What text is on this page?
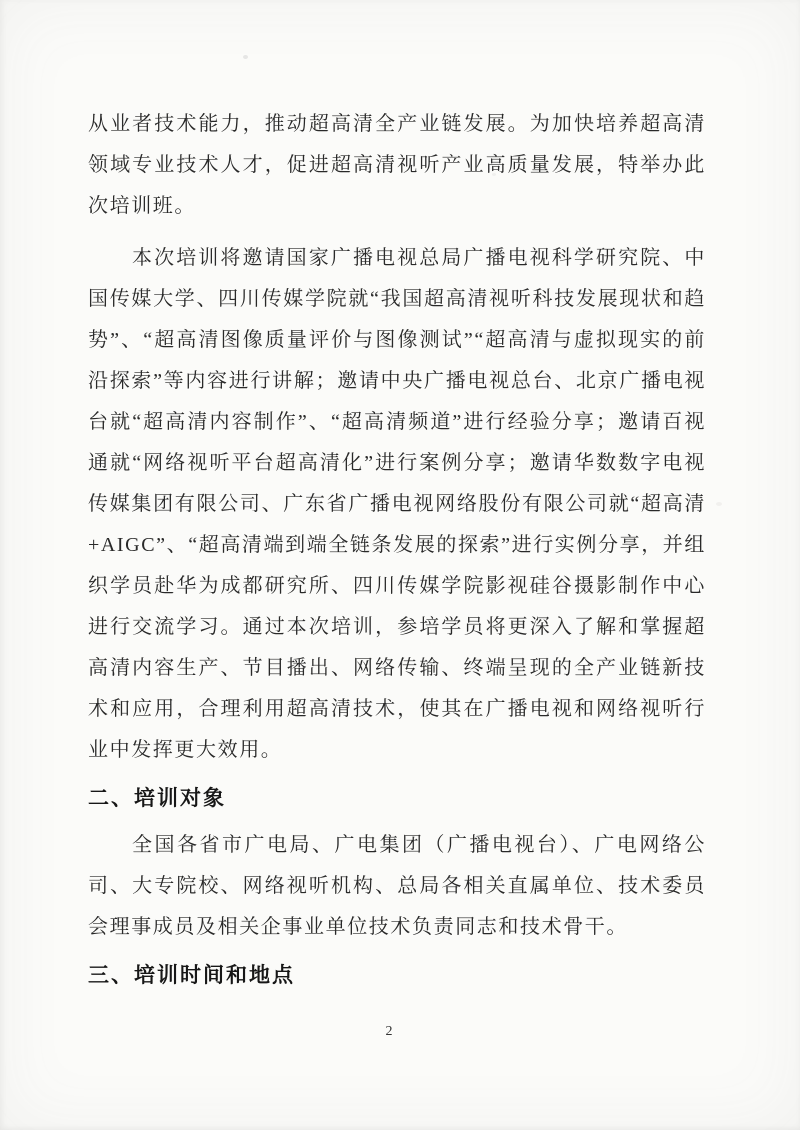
从业者技术能力，推动超高清全产业链发展。为加快培养超高清领域专业技术人才，促进超高清视听产业高质量发展，特举办此次培训班。

本次培训将邀请国家广播电视总局广播电视科学研究院、中国传媒大学、四川传媒学院就“我国超高清视听科技发展现状和趋势”、“超高清图像质量评价与图像测试”“超高清与虚拟现实的前沿探索”等内容进行讲解；邀请中央广播电视总台、北京广播电视台就“超高清内容制作”、“超高清频道”进行经验分享；邀请百视通就“网络视听平台超高清化”进行案例分享；邀请华数数字电视传媒集团有限公司、广东省广播电视网络股份有限公司就“超高清+AIGC”、“超高清端到端全链条发展的探索”进行实例分享，并组织学员赴华为成都研究所、四川传媒学院影视硅谷摄影制作中心进行交流学习。通过本次培训，参培学员将更深入了解和掌握超高清内容生产、节目播出、网络传输、终端呈现的全产业链新技术和应用，合理利用超高清技术，使其在广播电视和网络视听行业中发挥更大效用。

二、培训对象

全国各省市广电局、广电集团（广播电视台）、广电网络公司、大专院校、网络视听机构、总局各相关直属单位、技术委员会理事成员及相关企事业单位技术负责同志和技术骨干。

三、培训时间和地点
2
